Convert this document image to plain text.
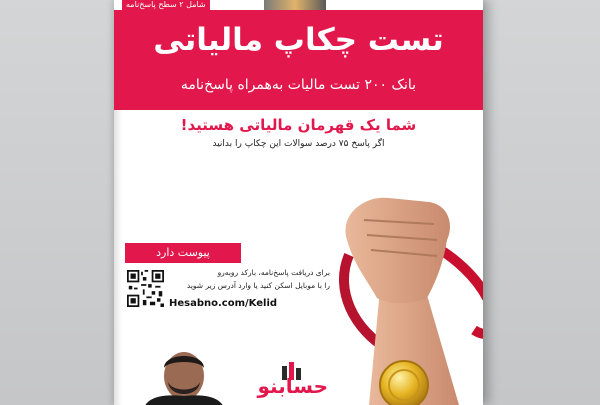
شامل ۲ سطح پاسخ‌نامه
تست چکاپ مالیاتی
بانک ۲۰۰ تست مالیات به‌همراه پاسخ‌نامه
شما یک قهرمان مالیاتی هستید!
اگر پاسخ ۷۵ درصد سوالات این چکاپ را بدانید
پیوست دارد
برای دریافت پاسخ‌نامه، بارکد روبه‌رو
را با موبایل اسکن کنید یا وارد آدرس زیر شوید
Hesabno.com/Kelid
حسابنو
